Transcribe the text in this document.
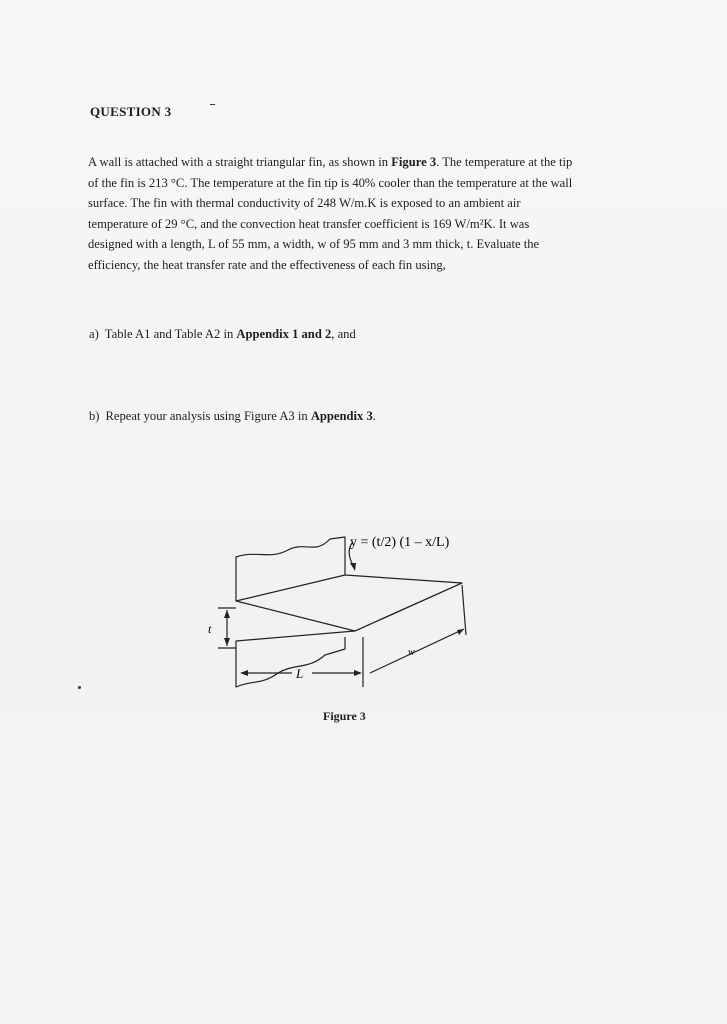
QUESTION 3
A wall is attached with a straight triangular fin, as shown in Figure 3. The temperature at the tip
of the fin is 213 °C. The temperature at the fin tip is 40% cooler than the temperature at the wall
surface. The fin with thermal conductivity of 248 W/m.K is exposed to an ambient air
temperature of 29 °C, and the convection heat transfer coefficient is 169 W/m²K. It was
designed with a length, L of 55 mm, a width, w of 95 mm and 3 mm thick, t. Evaluate the
efficiency, the heat transfer rate and the effectiveness of each fin using,
a) Table A1 and Table A2 in Appendix 1 and 2, and
b) Repeat your analysis using Figure A3 in Appendix 3.
y = (t/2) (1 – x/L)
t
L
w
Figure 3
